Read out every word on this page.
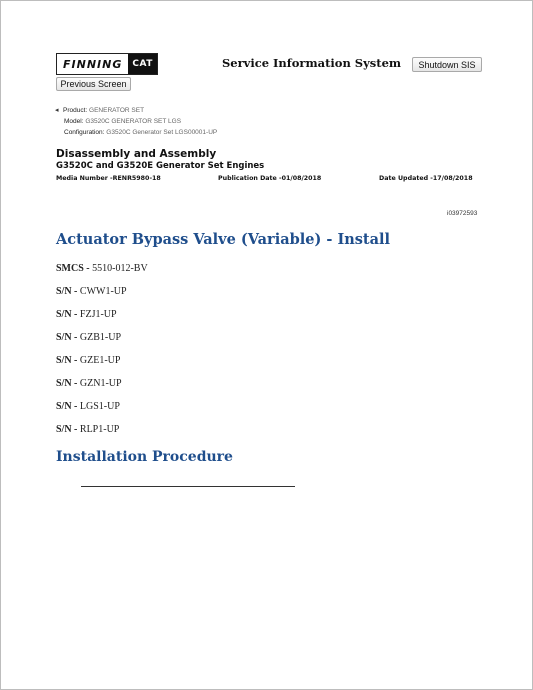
FINNING	CAT
Previous Screen
Service Information System	Shutdown SIS
◂ Product: GENERATOR SET
Model: G3520C GENERATOR SET LGS
Configuration: G3520C Generator Set LGS00001-UP
Disassembly and Assembly
G3520C and G3520E Generator Set Engines
Media Number -RENR5980-18	Publication Date -01/08/2018	Date Updated -17/08/2018
i03972593
Actuator Bypass Valve (Variable) - Install
SMCS - 5510-012-BV
S/N - CWW1-UP
S/N - FZJ1-UP
S/N - GZB1-UP
S/N - GZE1-UP
S/N - GZN1-UP
S/N - LGS1-UP
S/N - RLP1-UP
Installation Procedure
